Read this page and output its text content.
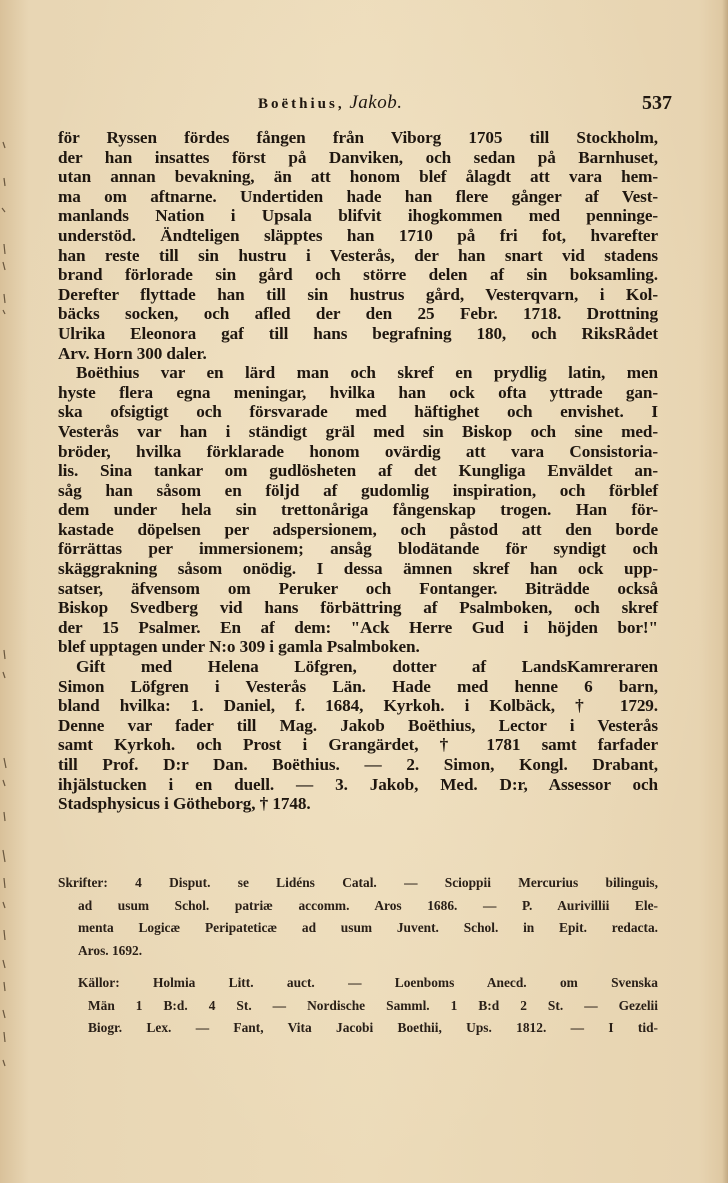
Boëthius, Jakob.	537
för Ryssen fördes fången från Viborg 1705 till Stockholm,
der han insattes först på Danviken, och sedan på Barnhuset,
utan annan bevakning, än att honom blef ålagdt att vara hem-
ma om aftnarne. Undertiden hade han flere gånger af Vest-
manlands Nation i Upsala blifvit ihogkommen med penninge-
understöd. Ändteligen släpptes han 1710 på fri fot, hvarefter
han reste till sin hustru i Vesterås, der han snart vid stadens
brand förlorade sin gård och större delen af sin boksamling.
Derefter flyttade han till sin hustrus gård, Vesterqvarn, i Kol-
bäcks socken, och afled der den 25 Febr. 1718. Drottning
Ulrika Eleonora gaf till hans begrafning 180, och RiksRådet
Arv. Horn 300 daler.
Boëthius var en lärd man och skref en prydlig latin, men
hyste flera egna meningar, hvilka han ock ofta yttrade gan-
ska ofsigtigt och försvarade med häftighet och envishet. I
Vesterås var han i ständigt gräl med sin Biskop och sine med-
bröder, hvilka förklarade honom ovärdig att vara Consistoria-
lis. Sina tankar om gudlösheten af det Kungliga Enväldet an-
såg han såsom en följd af gudomlig inspiration, och förblef
dem under hela sin trettonåriga fångenskap trogen. Han för-
kastade döpelsen per adspersionem, och påstod att den borde
förrättas per immersionem; ansåg blodätande för syndigt och
skäggrakning såsom onödig. I dessa ämnen skref han ock upp-
satser, äfvensom om Peruker och Fontanger. Biträdde också
Biskop Svedberg vid hans förbättring af Psalmboken, och skref
der 15 Psalmer. En af dem: "Ack Herre Gud i höjden bor!"
blef upptagen under N:o 309 i gamla Psalmboken.
Gift med Helena Löfgren, dotter af LandsKamreraren
Simon Löfgren i Vesterås Län. Hade med henne 6 barn,
bland hvilka: 1. Daniel, f. 1684, Kyrkoh. i Kolbäck, † 1729.
Denne var fader till Mag. Jakob Boëthius, Lector i Vesterås
samt Kyrkoh. och Prost i Grangärdet, † 1781 samt farfader
till Prof. D:r Dan. Boëthius. — 2. Simon, Kongl. Drabant,
ihjälstucken i en duell. — 3. Jakob, Med. D:r, Assessor och
Stadsphysicus i Götheborg, † 1748.
Skrifter: 4 Disput. se Lidéns Catal. — Scioppii Mercurius bilinguis,
ad usum Schol. patriæ accomm. Aros 1686. — P. Aurivillii Ele-
menta Logicæ Peripateticæ ad usum Juvent. Schol. in Epit. redacta.
Aros. 1692.
Källor: Holmia Litt. auct. — Loenboms Anecd. om Svenska
Män 1 B:d. 4 St. — Nordische Samml. 1 B:d 2 St. — Gezelii
Biogr. Lex. — Fant, Vita Jacobi Boethii, Ups. 1812. — I tid-
